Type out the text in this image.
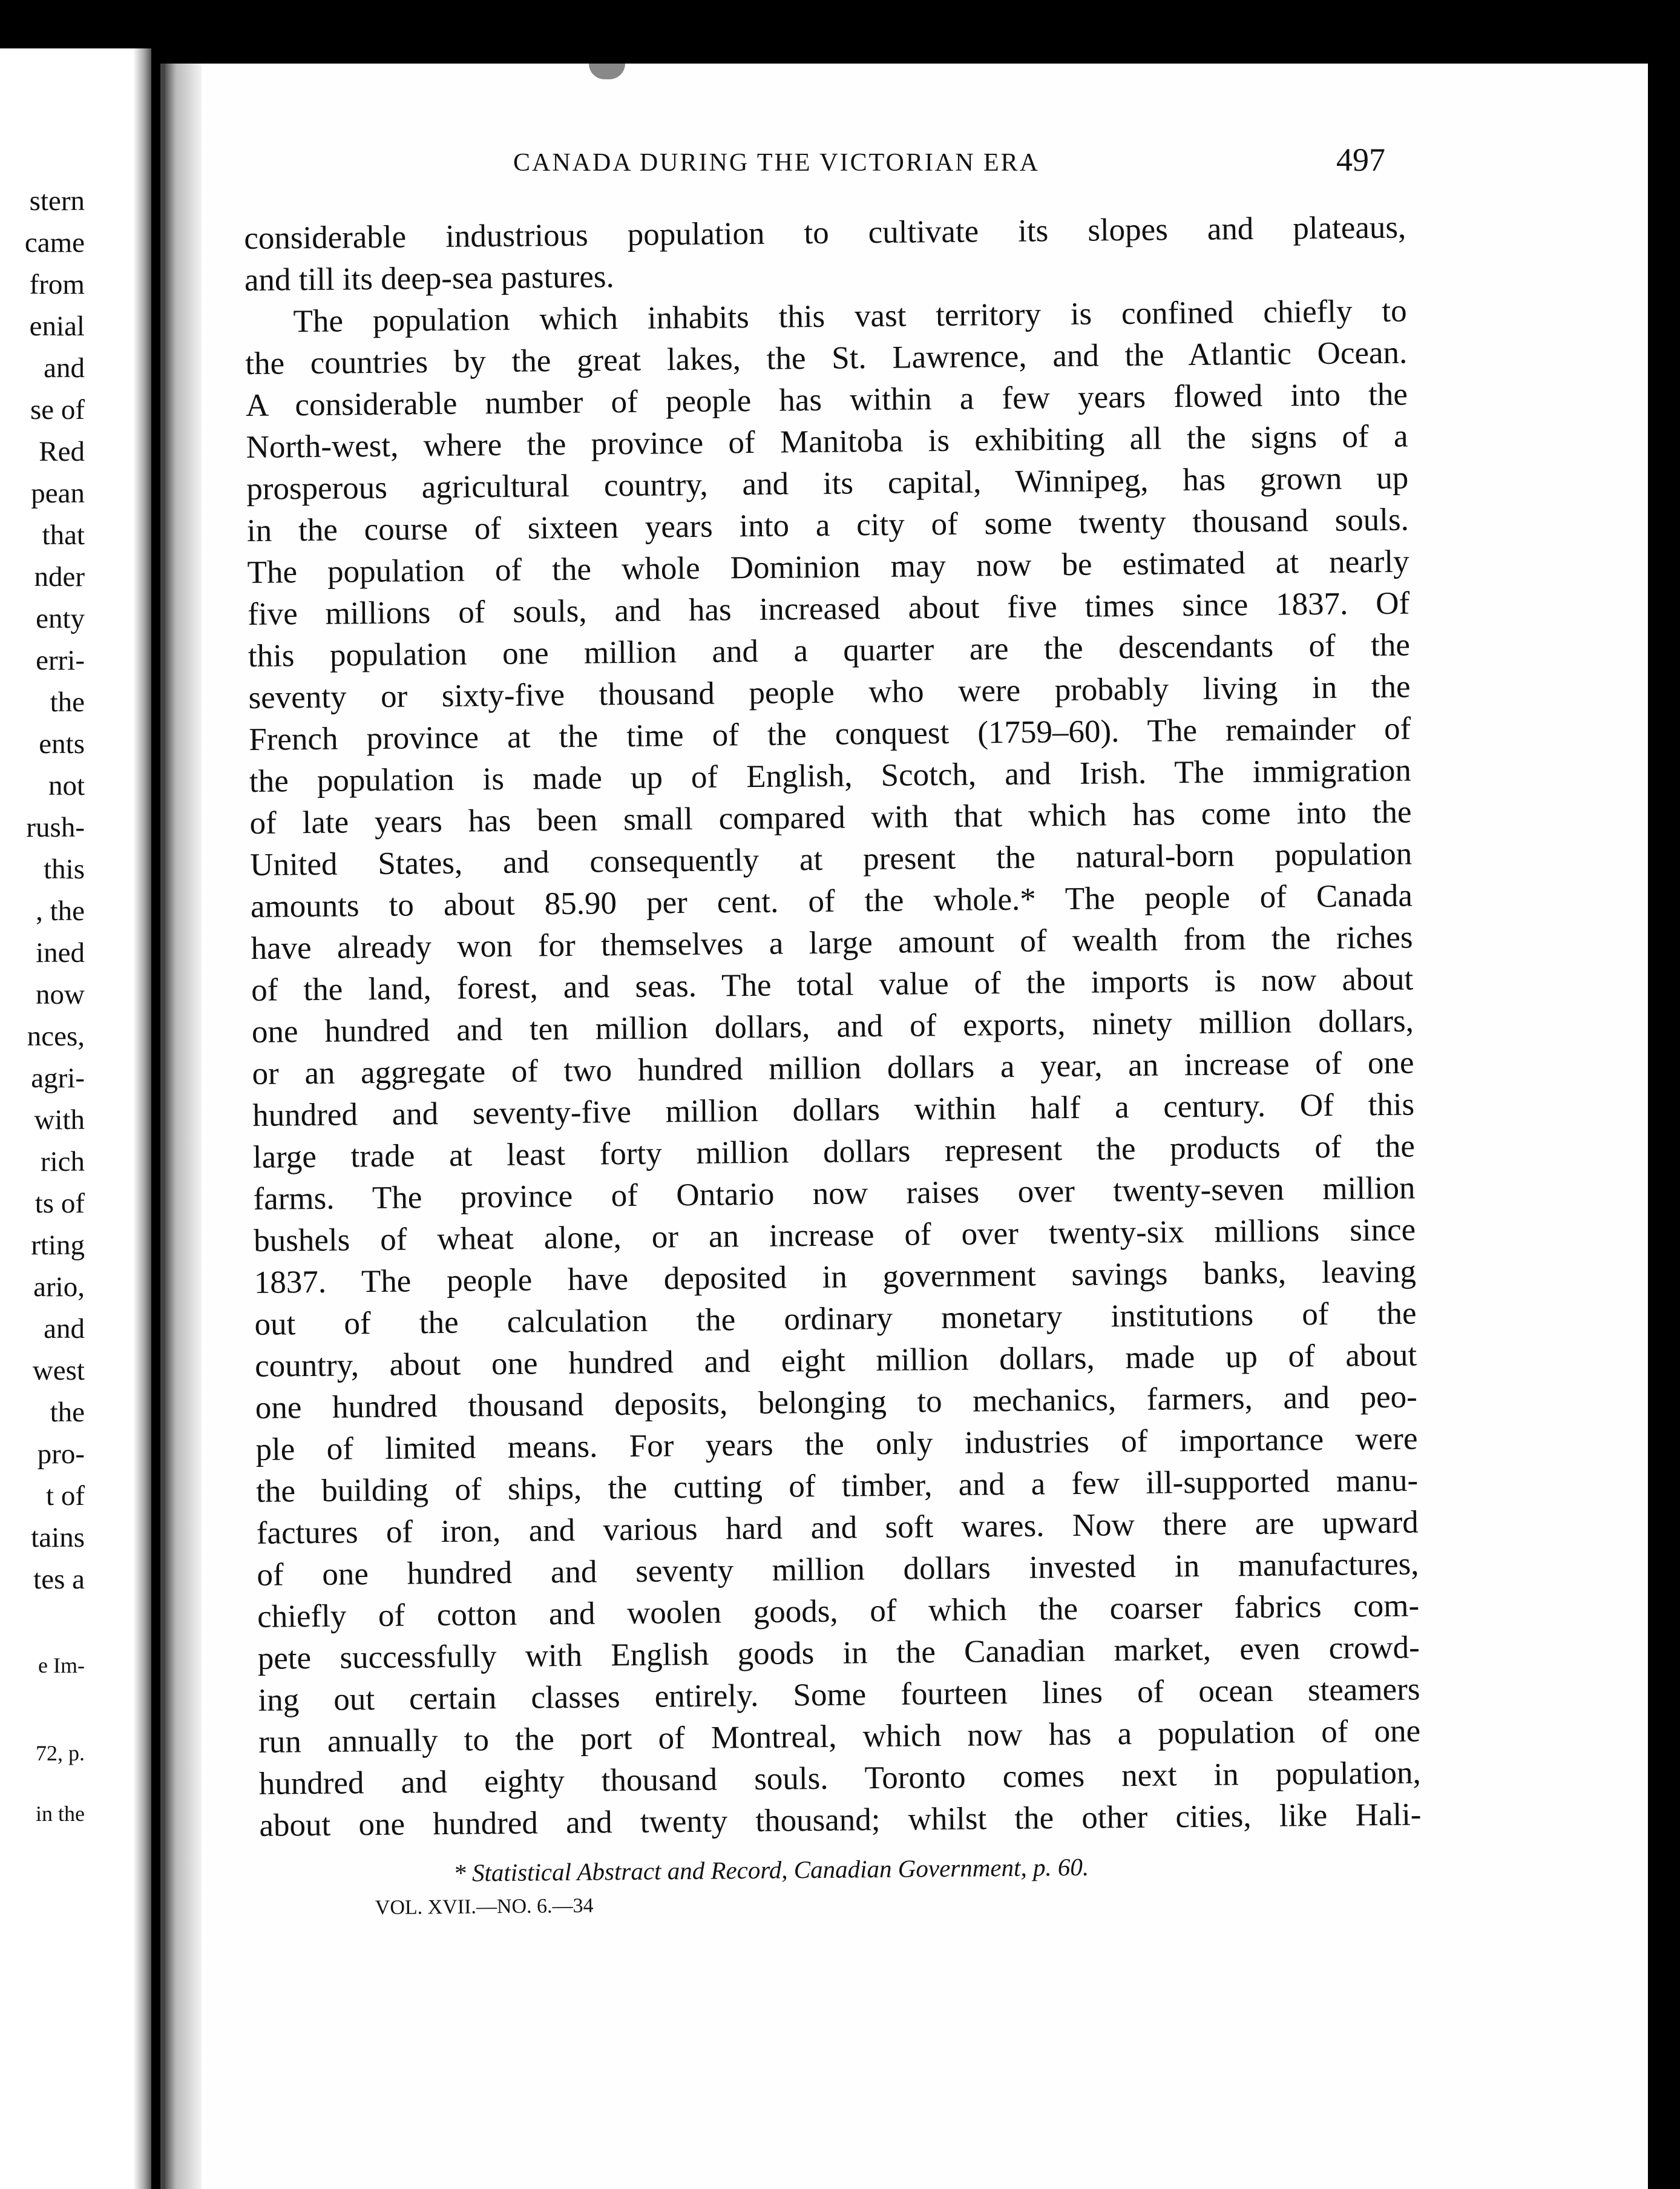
stern
came
from
enial
and
se of
Red
pean
that
nder
enty
erri-
the
ents
not
rush-
this
, the
ined
now
nces,
agri-
with
rich
ts of
rting
ario,
and
west
the
pro-
t of
tains
tes a
e Im-
72, p.
in the
CANADA DURING THE VICTORIAN ERA	497
considerable industrious population to cultivate its slopes and plateaus,
and till its deep-sea pastures.
The population which inhabits this vast territory is confined chiefly to
the countries by the great lakes, the St. Lawrence, and the Atlantic Ocean.
A considerable number of people has within a few years flowed into the
North-west, where the province of Manitoba is exhibiting all the signs of a
prosperous agricultural country, and its capital, Winnipeg, has grown up
in the course of sixteen years into a city of some twenty thousand souls.
The population of the whole Dominion may now be estimated at nearly
five millions of souls, and has increased about five times since 1837. Of
this population one million and a quarter are the descendants of the
seventy or sixty-five thousand people who were probably living in the
French province at the time of the conquest (1759–60). The remainder of
the population is made up of English, Scotch, and Irish. The immigration
of late years has been small compared with that which has come into the
United States, and consequently at present the natural-born population
amounts to about 85.90 per cent. of the whole.* The people of Canada
have already won for themselves a large amount of wealth from the riches
of the land, forest, and seas. The total value of the imports is now about
one hundred and ten million dollars, and of exports, ninety million dollars,
or an aggregate of two hundred million dollars a year, an increase of one
hundred and seventy-five million dollars within half a century. Of this
large trade at least forty million dollars represent the products of the
farms. The province of Ontario now raises over twenty-seven million
bushels of wheat alone, or an increase of over twenty-six millions since
1837. The people have deposited in government savings banks, leaving
out of the calculation the ordinary monetary institutions of the
country, about one hundred and eight million dollars, made up of about
one hundred thousand deposits, belonging to mechanics, farmers, and peo-
ple of limited means. For years the only industries of importance were
the building of ships, the cutting of timber, and a few ill-supported manu-
factures of iron, and various hard and soft wares. Now there are upward
of one hundred and seventy million dollars invested in manufactures,
chiefly of cotton and woolen goods, of which the coarser fabrics com-
pete successfully with English goods in the Canadian market, even crowd-
ing out certain classes entirely. Some fourteen lines of ocean steamers
run annually to the port of Montreal, which now has a population of one
hundred and eighty thousand souls. Toronto comes next in population,
about one hundred and twenty thousand; whilst the other cities, like Hali-
* Statistical Abstract and Record, Canadian Government, p. 60.
VOL. XVII.—NO. 6.—34
